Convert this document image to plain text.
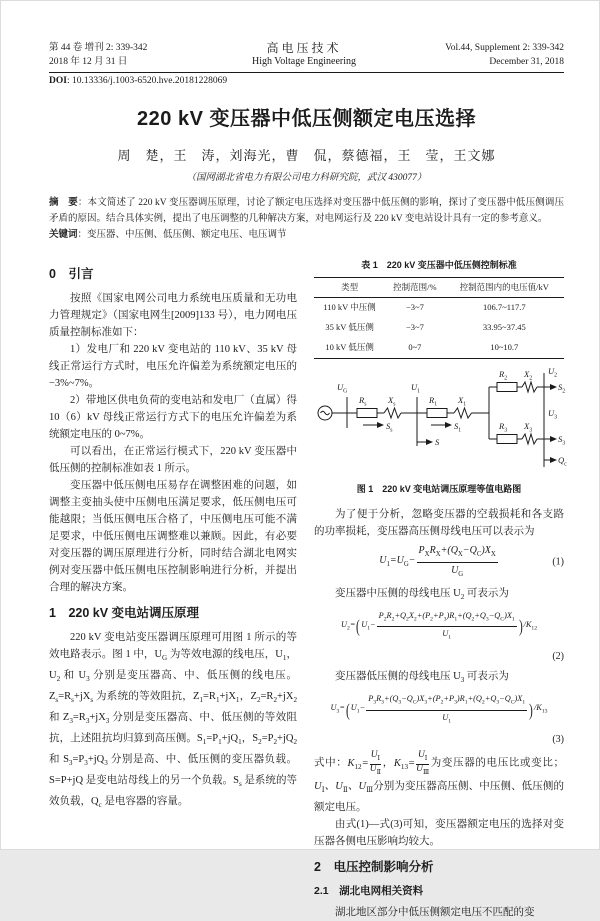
第 44 卷 增刊 2: 339-342
2018 年 12 月 31 日
高电压技术
High Voltage Engineering
Vol.44, Supplement 2: 339-342
December 31, 2018
DOI: 10.13336/j.1003-6520.hve.20181228069
220 kV 变压器中低压侧额定电压选择
周　楚，王　涛，刘海光，曹　侃，蔡德福，王　莹，王文娜
（国网湖北省电力有限公司电力科研究院，武汉 430077）
摘　要：本文简述了 220 kV 变压器调压原理，讨论了额定电压选择对变压器中低压侧的影响，探讨了变压器中低压侧调压矛盾的原因。结合具体实例，提出了电压调整的几种解决方案，对电网运行及 220 kV 变电站设计具有一定的参考意义。
关键词：变压器、中压侧、低压侧、额定电压、电压调节
0　引言

按照《国家电网公司电力系统电压质量和无功电力管理规定》（国家电网生[2009]133 号），电力网电压质量控制标准如下：

1）发电厂和 220 kV 变电站的 110 kV、35 kV 母线正常运行方式时，电压允许偏差为系统额定电压的−3%~7%。

2）带地区供电负荷的变电站和发电厂（直属）得 10（6）kV 母线正常运行方式下的电压允许偏差为系统额定电压的 0~7%。

可以看出，在正常运行模式下，220 kV 变压器中低压侧的控制标准如表 1 所示。

变压器中低压侧电压易存在调整困难的问题，如调整主变抽头使中压侧电压满足要求，低压侧电压可能越限；当低压侧电压合格了，中压侧电压可能不满足要求，中低压侧电压调整难以兼顾。因此，有必要对变压器的调压原理进行分析，同时结合湖北电网实例对变压器中低压侧电压控制影响进行分析，并提出合理的解决方案。

1　220 kV 变电站调压原理

220 kV 变电站变压器调压原理可用图 1 所示的等效电路表示。图 1 中，$U_G$ 为等效电源的线电压，$U_1$，$U_2$ 和 $U_3$ 分别是变压器高、中、低压侧的线电压。$Z_s=R_s+jX_s$ 为系统的等效阻抗，$Z_1=R_1+jX_1$，$Z_2=R_2+jX_2$ 和 $Z_3=R_3+jX_3$ 分别是变压器高、中、低压侧的等效阻抗，上述阻抗均归算到高压侧。$S_1=P_1+jQ_1$，$S_2=P_2+jQ_2$ 和 $S_3=P_3+jQ_3$ 分别是高、中、低压侧的变压器负载。S=P+jQ 是变电站母线上的另一个负载。$S_s$ 是系统的等效负载，$Q_c$ 是电容器的容量。

表 1　220 kV 变压器中低压侧控制标准
类型	控制范围/%	控制范围内的电压值/kV
110 kV 中压侧	−3~7	106.7~117.7
35 kV 低压侧	−3~7	33.95~37.45
10 kV 低压侧	0~7	10~10.7
$U_G$
$R_s$	$X_s$
$S_s$
$U_1$
$R_1$ $X_1$
$S_1$
S
$R_2$ $X_2$
$U_2$
$S_2$
$R_3$ $X_3$
$U_3$
$S_3$
$Q_c$
图 1　220 kV 变电站调压原理等值电路图

为了便于分析，忽略变压器的空载损耗和各支路的功率损耗，变压器高压侧母线电压可以表示为

$U_1=U_G- \frac{P_XR_X+(Q_X-Q_C)X_X}{U_G}$	(1)

变压器中压侧的母线电压 $U_2$ 可表示为

$U_2=$ ( $U_1- \frac{P_2R_2+Q_2X_2+(P_2+P_3)R_1+(Q_2+Q_3-Q_C)X_1}{U_1}$ ) $/K_{12}$
(2)

变压器低压侧的母线电压 $U_3$ 可表示为

$U_3=$ ( $U_1- \frac{P_3R_3+(Q_3-Q_C)X_3+(P_2+P_3)R_1+(Q_2+Q_3-Q_C)X_1}{U_1}$ ) $/K_{13}$
(3)

式中：$K_{12}= \frac{U_Ⅰ}{U_Ⅱ}$ ，$K_{13}= \frac{U_Ⅰ}{U_Ⅲ}$ 为变压器的电压比或变比；$U_Ⅰ$、$U_Ⅱ$、$U_Ⅲ$分别为变压器高压侧、中压侧、低压侧的额定电压。

由式(1)—式(3)可知，变压器额定电压的选择对变压器各侧电压影响均较大。

2　电压控制影响分析
2.1　湖北电网相关资料

湖北地区部分中低压侧额定电压不匹配的变
